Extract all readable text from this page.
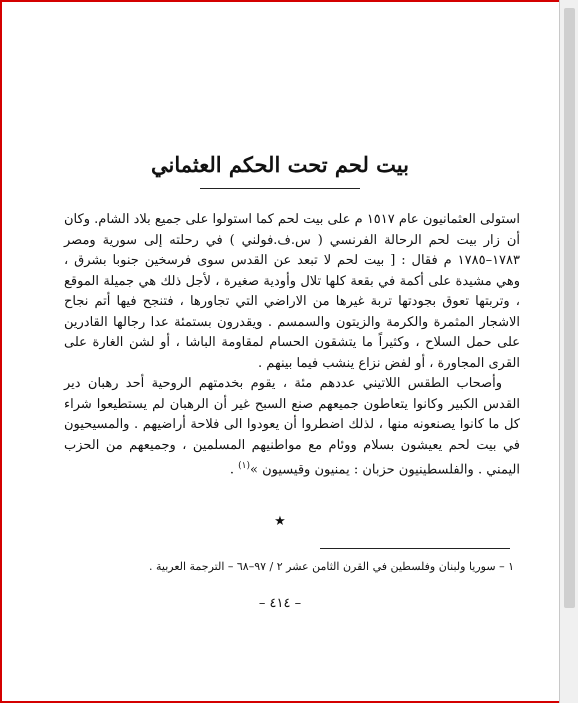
بيت لحم تحت الحكم العثماني

استولى العثمانيون عام ١٥١٧ م على بيت لحم كما استولوا على جميع بلاد الشام. وكان أن زار بيت لحم الرحالة الفرنسي ( س.ف.فولني ) في رحلته إلى سورية ومصر ١٧٨٣–١٧٨٥ م فقال : [ بيت لحم لا تبعد عن القدس سوى فرسخين جنوبا بشرق ، وهي مشيدة على أكمة في بقعة كلها تلال وأودية صغيرة ، لأجل ذلك هي جميلة الموقع ، وتربتها تعوق بجودتها تربة غيرها من الاراضي التي تجاورها ، فتنجح فيها أتم نجاح الاشجار المثمرة والكرمة والزيتون والسمسم . ويقدرون بستمئة عدا رجالها القادرين على حمل السلاح ، وكثيراً ما يتشقون الحسام لمقاومة الباشا ، أو لشن الغارة على القرى المجاورة ، أو لفض نزاع ينشب فيما بينهم .

وأصحاب الطقس اللاتيني عددهم مئة ، يقوم بخدمتهم الروحية أحد رهبان دير القدس الكبير وكانوا يتعاطون جميعهم صنع السبح غير أن الرهبان لم يستطيعوا شراء كل ما كانوا يصنعونه منها ، لذلك اضطروا أن يعودوا الى فلاحة أراضيهم . والمسيحيون في بيت لحم يعيشون بسلام ووئام مع مواطنيهم المسلمين ، وجميعهم من الحزب اليمني . والفلسطينيون حزبان : يمنيون وقيسيون »$^{(١)}$ .

★
١ – سوريا ولبنان وفلسطين في القرن الثامن عشر ٢ / ٩٧–٦٨ – الترجمة العربية .
– ٤١٤ –
